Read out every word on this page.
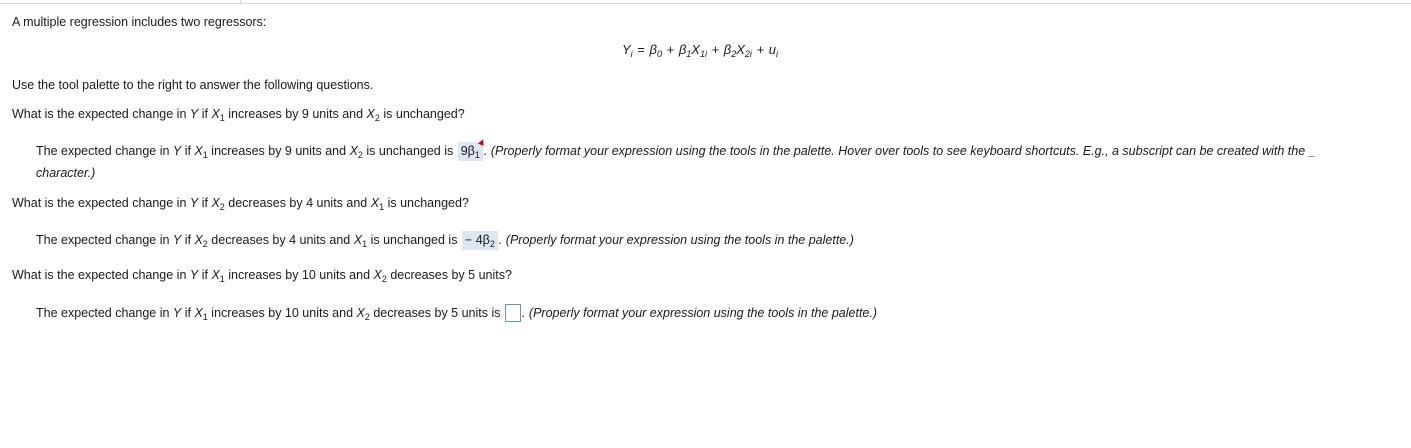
A multiple regression includes two regressors:
$Y_i = \beta_0 + \beta_1X_{1i} + \beta_2X_{2i} + u_i$
Use the tool palette to the right to answer the following questions.
What is the expected change in Y if $X_1$ increases by 9 units and $X_2$ is unchanged?
The expected change in Y if $X_1$ increases by 9 units and $X_2$ is unchanged is $9\beta_1$ . (Properly format your expression using the tools in the palette. Hover over tools to see keyboard shortcuts. E.g., a subscript can be created with the _
character.)
What is the expected change in Y if $X_2$ decreases by 4 units and $X_1$ is unchanged?
The expected change in Y if $X_2$ decreases by 4 units and $X_1$ is unchanged is − $4\beta_2$ . (Properly format your expression using the tools in the palette.)
What is the expected change in Y if $X_1$ increases by 10 units and $X_2$ decreases by 5 units?
The expected change in Y if $X_1$ increases by 10 units and $X_2$ decreases by 5 units is . (Properly format your expression using the tools in the palette.)
